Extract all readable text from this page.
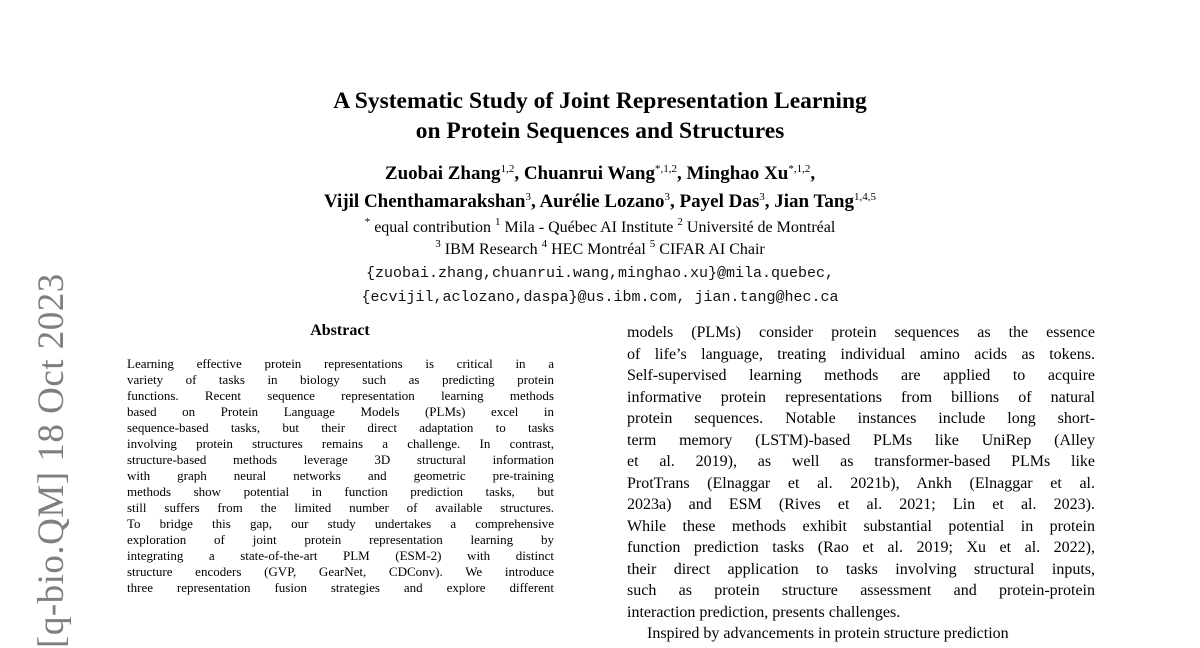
[q-bio.QM] 18 Oct 2023
A Systematic Study of Joint Representation Learning
on Protein Sequences and Structures
Zuobai Zhang$^{1,2}$, Chuanrui Wang$^{*,1,2}$, Minghao $Xu^{*,1,2}$,
Vijil Chenthamarakshan$^3$, Aurélie Lozano$^3$, Payel Das$^3$, Jian Tang$^{1,4,5}$
* equal contribution $^1$ Mila - Québec AI Institute $^2$ Université de Montréal
$^3$ IBM Research $^4$ HEC Montréal $^5$ CIFAR AI Chair
{zuobai.zhang,chuanrui.wang,minghao.xu}@mila.quebec,
{ecvijil,aclozano,daspa}@us.ibm.com, jian.tang@hec.ca
Abstract
Learning effective protein representations is critical in a
variety of tasks in biology such as predicting protein
functions. Recent sequence representation learning methods
based on Protein Language Models (PLMs) excel in
sequence-based tasks, but their direct adaptation to tasks
involving protein structures remains a challenge. In contrast,
structure-based methods leverage 3D structural information
with graph neural networks and geometric pre-training
methods show potential in function prediction tasks, but
still suffers from the limited number of available structures.
To bridge this gap, our study undertakes a comprehensive
exploration of joint protein representation learning by
integrating a state-of-the-art PLM (ESM-2) with distinct
structure encoders (GVP, GearNet, CDConv). We introduce
three representation fusion strategies and explore different
models (PLMs) consider protein sequences as the essence
of life’s language, treating individual amino acids as tokens.
Self-supervised learning methods are applied to acquire
informative protein representations from billions of natural
protein sequences. Notable instances include long short-
term memory (LSTM)-based PLMs like UniRep (Alley
et al. 2019), as well as transformer-based PLMs like
ProtTrans (Elnaggar et al. 2021b), Ankh (Elnaggar et al.
2023a) and ESM (Rives et al. 2021; Lin et al. 2023).
While these methods exhibit substantial potential in protein
function prediction tasks (Rao et al. 2019; Xu et al. 2022),
their direct application to tasks involving structural inputs,
such as protein structure assessment and protein-protein
interaction prediction, presents challenges.
Inspired by advancements in protein structure prediction
